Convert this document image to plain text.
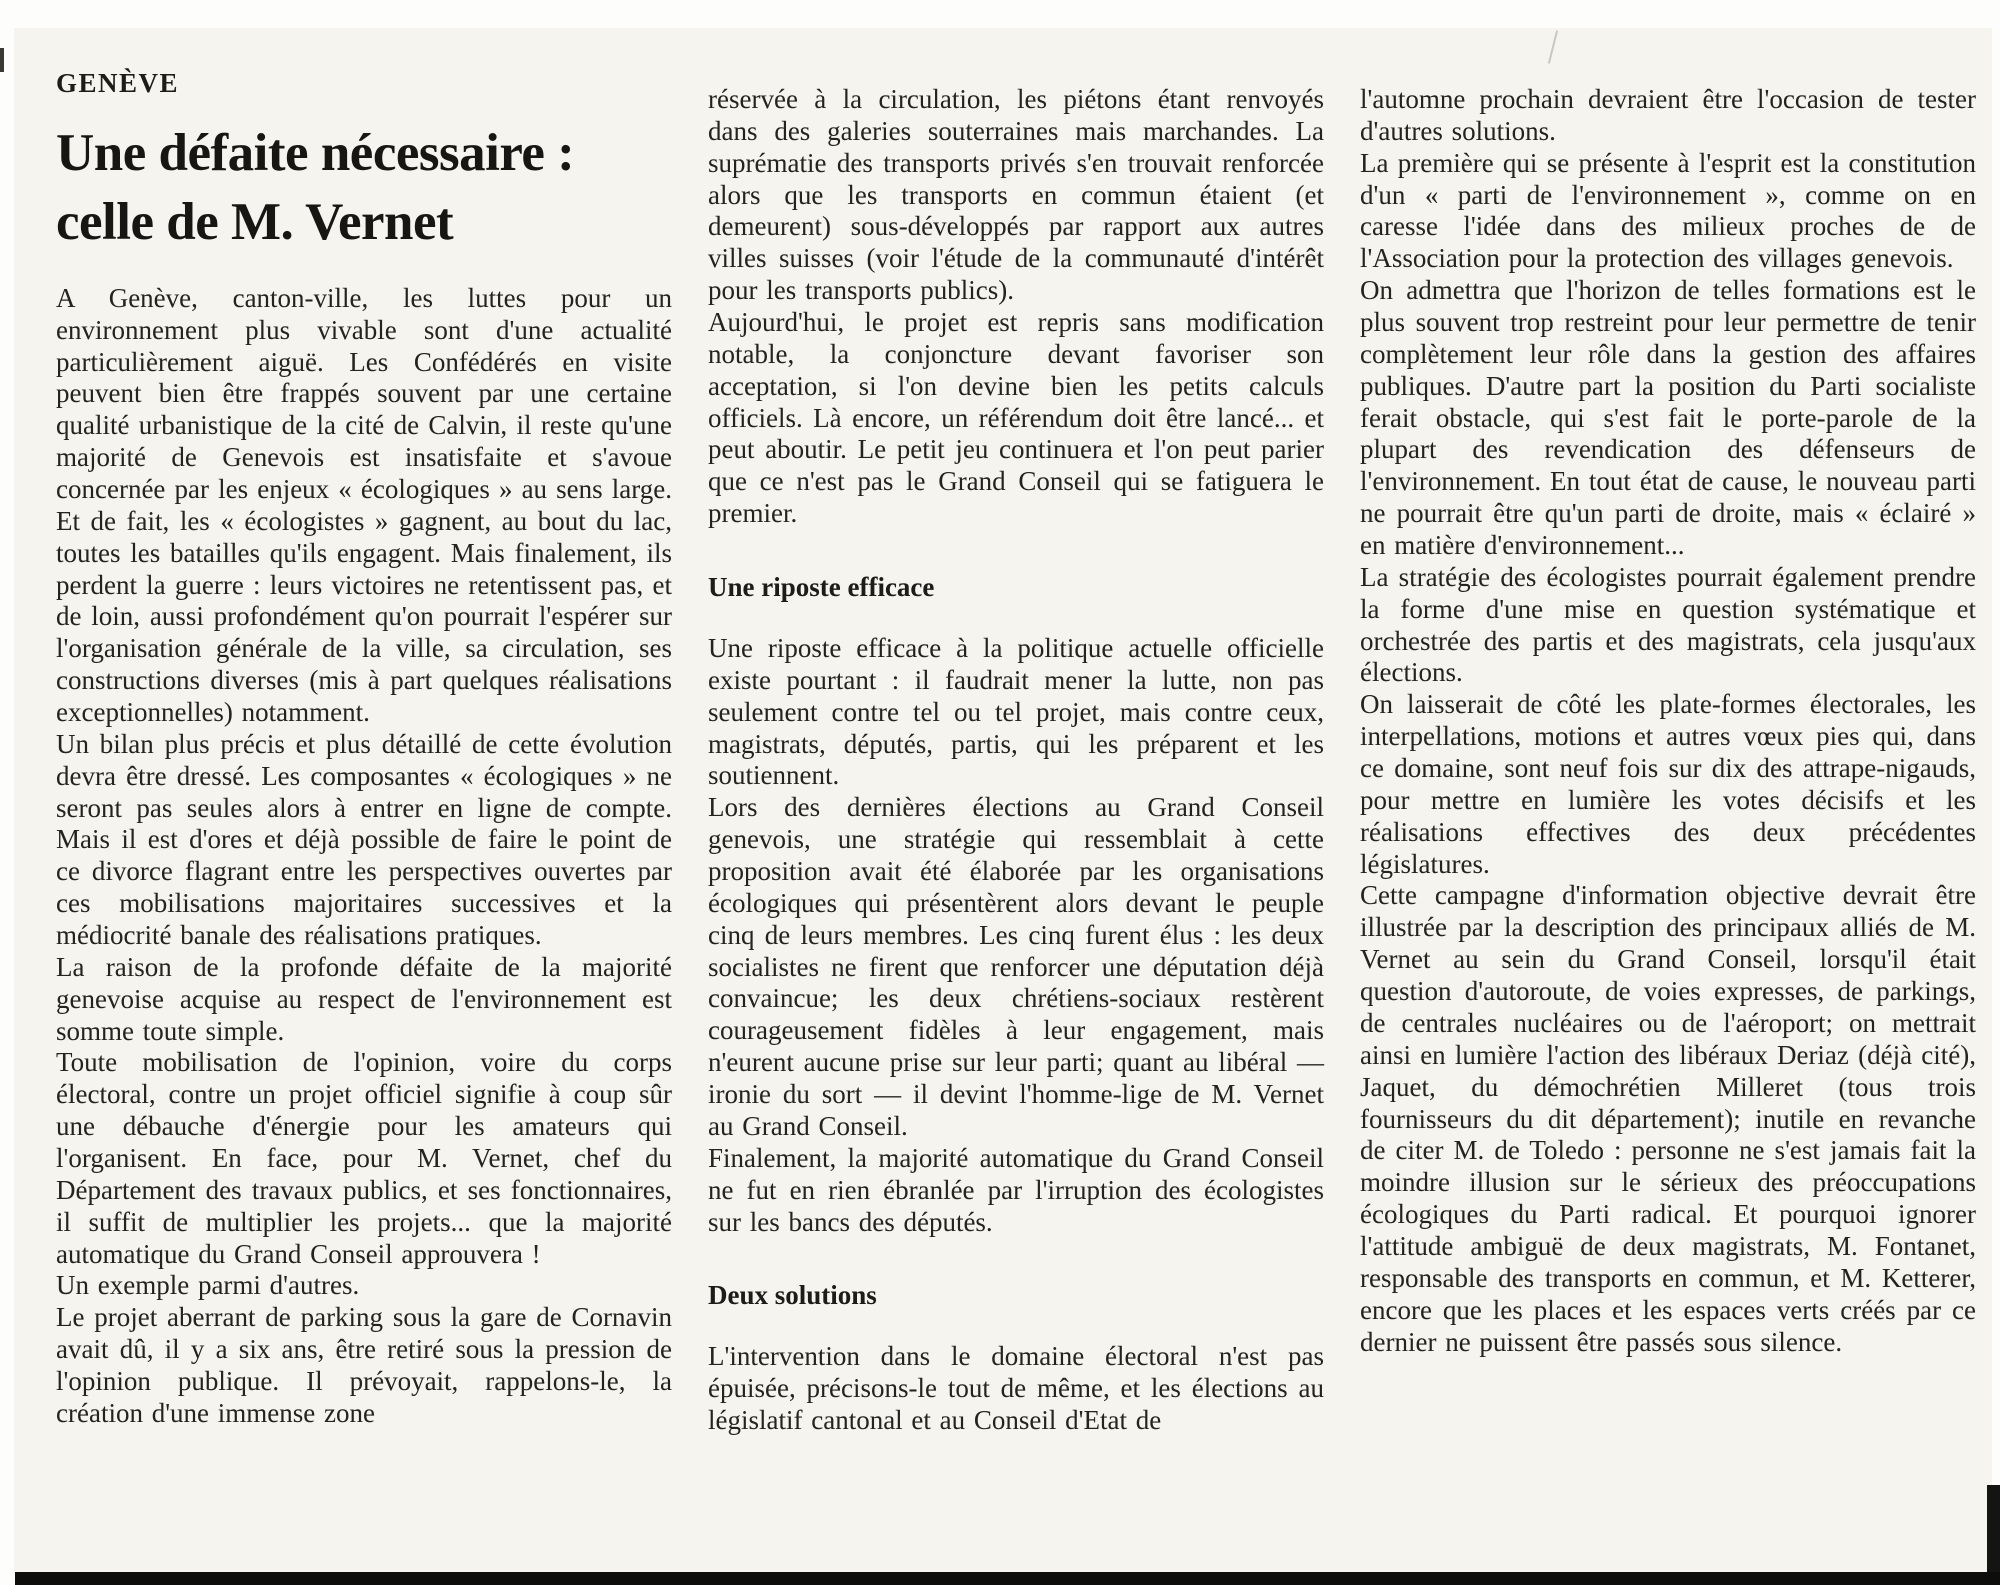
GENÈVE
Une défaite nécessaire :
celle de M. Vernet

A Genève, canton-ville, les luttes pour un environnement plus vivable sont d'une actualité particulièrement aiguë. Les Confédérés en visite peuvent bien être frappés souvent par une certaine qualité urbanistique de la cité de Calvin, il reste qu'une majorité de Genevois est insatisfaite et s'avoue concernée par les enjeux « écologiques » au sens large. Et de fait, les « écologistes » gagnent, au bout du lac, toutes les batailles qu'ils engagent. Mais finalement, ils perdent la guerre : leurs victoires ne retentissent pas, et de loin, aussi profondément qu'on pourrait l'espérer sur l'organisation générale de la ville, sa circulation, ses constructions diverses (mis à part quelques réalisations exceptionnelles) notamment.

Un bilan plus précis et plus détaillé de cette évolution devra être dressé. Les composantes « écologiques » ne seront pas seules alors à entrer en ligne de compte. Mais il est d'ores et déjà possible de faire le point de ce divorce flagrant entre les perspectives ouvertes par ces mobilisations majoritaires successives et la médiocrité banale des réalisations pratiques.

La raison de la profonde défaite de la majorité genevoise acquise au respect de l'environnement est somme toute simple.

Toute mobilisation de l'opinion, voire du corps électoral, contre un projet officiel signifie à coup sûr une débauche d'énergie pour les amateurs qui l'organisent. En face, pour M. Vernet, chef du Département des travaux publics, et ses fonctionnaires, il suffit de multiplier les projets... que la majorité automatique du Grand Conseil approuvera !

Un exemple parmi d'autres.

Le projet aberrant de parking sous la gare de Cornavin avait dû, il y a six ans, être retiré sous la pression de l'opinion publique. Il prévoyait, rappelons-le, la création d'une immense zone

réservée à la circulation, les piétons étant renvoyés dans des galeries souterraines mais marchandes. La suprématie des transports privés s'en trouvait renforcée alors que les transports en commun étaient (et demeurent) sous-développés par rapport aux autres villes suisses (voir l'étude de la communauté d'intérêt pour les transports publics).

Aujourd'hui, le projet est repris sans modification notable, la conjoncture devant favoriser son acceptation, si l'on devine bien les petits calculs officiels. Là encore, un référendum doit être lancé... et peut aboutir. Le petit jeu continuera et l'on peut parier que ce n'est pas le Grand Conseil qui se fatiguera le premier.

Une riposte efficace

Une riposte efficace à la politique actuelle officielle existe pourtant : il faudrait mener la lutte, non pas seulement contre tel ou tel projet, mais contre ceux, magistrats, députés, partis, qui les préparent et les soutiennent.

Lors des dernières élections au Grand Conseil genevois, une stratégie qui ressemblait à cette proposition avait été élaborée par les organisations écologiques qui présentèrent alors devant le peuple cinq de leurs membres. Les cinq furent élus : les deux socialistes ne firent que renforcer une députation déjà convaincue; les deux chrétiens-sociaux restèrent courageusement fidèles à leur engagement, mais n'eurent aucune prise sur leur parti; quant au libéral — ironie du sort — il devint l'homme-lige de M. Vernet au Grand Conseil.

Finalement, la majorité automatique du Grand Conseil ne fut en rien ébranlée par l'irruption des écologistes sur les bancs des députés.

Deux solutions

L'intervention dans le domaine électoral n'est pas épuisée, précisons-le tout de même, et les élections au législatif cantonal et au Conseil d'Etat de

l'automne prochain devraient être l'occasion de tester d'autres solutions.

La première qui se présente à l'esprit est la constitution d'un « parti de l'environnement », comme on en caresse l'idée dans des milieux proches de de l'Association pour la protection des villages genevois.

On admettra que l'horizon de telles formations est le plus souvent trop restreint pour leur permettre de tenir complètement leur rôle dans la gestion des affaires publiques. D'autre part la position du Parti socialiste ferait obstacle, qui s'est fait le porte-parole de la plupart des revendication des défenseurs de l'environnement. En tout état de cause, le nouveau parti ne pourrait être qu'un parti de droite, mais « éclairé » en matière d'environnement...

La stratégie des écologistes pourrait également prendre la forme d'une mise en question systématique et orchestrée des partis et des magistrats, cela jusqu'aux élections.

On laisserait de côté les plate-formes électorales, les interpellations, motions et autres vœux pies qui, dans ce domaine, sont neuf fois sur dix des attrape-nigauds, pour mettre en lumière les votes décisifs et les réalisations effectives des deux précédentes législatures.

Cette campagne d'information objective devrait être illustrée par la description des principaux alliés de M. Vernet au sein du Grand Conseil, lorsqu'il était question d'autoroute, de voies expresses, de parkings, de centrales nucléaires ou de l'aéroport; on mettrait ainsi en lumière l'action des libéraux Deriaz (déjà cité), Jaquet, du démochrétien Milleret (tous trois fournisseurs du dit département); inutile en revanche de citer M. de Toledo : personne ne s'est jamais fait la moindre illusion sur le sérieux des préoccupations écologiques du Parti radical. Et pourquoi ignorer l'attitude ambiguë de deux magistrats, M. Fontanet, responsable des transports en commun, et M. Ketterer, encore que les places et les espaces verts créés par ce dernier ne puissent être passés sous silence.
